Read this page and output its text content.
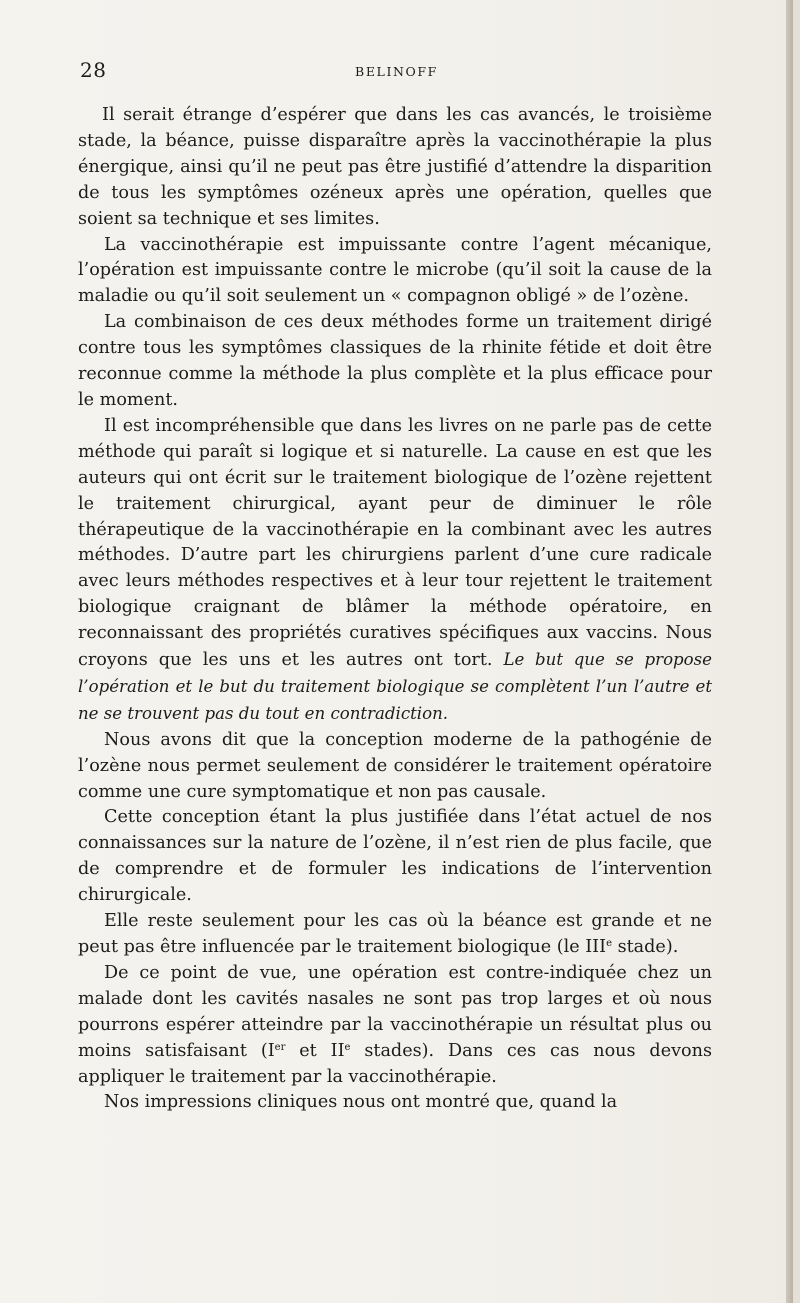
28	BELINOFF

Il serait étrange d’espérer que dans les cas avancés, le troisième stade, la béance, puisse disparaître après la vaccinothérapie la plus énergique, ainsi qu’il ne peut pas être justifié d’attendre la disparition de tous les symptômes ozéneux après une opération, quelles que soient sa technique et ses limites.

La vaccinothérapie est impuissante contre l’agent mécanique, l’opération est impuissante contre le microbe (qu’il soit la cause de la maladie ou qu’il soit seulement un « compagnon obligé » de l’ozène.

La combinaison de ces deux méthodes forme un traitement dirigé contre tous les symptômes classiques de la rhinite fétide et doit être reconnue comme la méthode la plus complète et la plus efficace pour le moment.

Il est incompréhensible que dans les livres on ne parle pas de cette méthode qui paraît si logique et si naturelle. La cause en est que les auteurs qui ont écrit sur le traitement biologique de l’ozène rejettent le traitement chirurgical, ayant peur de diminuer le rôle thérapeutique de la vaccinothérapie en la combinant avec les autres méthodes. D’autre part les chirurgiens parlent d’une cure radicale avec leurs méthodes respectives et à leur tour rejettent le traitement biologique craignant de blâmer la méthode opératoire, en reconnaissant des propriétés curatives spécifiques aux vaccins. Nous croyons que les uns et les autres ont tort. Le but que se propose l’opération et le but du traitement biologique se complètent l’un l’autre et ne se trouvent pas du tout en contradiction.

Nous avons dit que la conception moderne de la pathogénie de l’ozène nous permet seulement de considérer le traitement opératoire comme une cure symptomatique et non pas causale.

Cette conception étant la plus justifiée dans l’état actuel de nos connaissances sur la nature de l’ozène, il n’est rien de plus facile, que de comprendre et de formuler les indications de l’intervention chirurgicale.

Elle reste seulement pour les cas où la béance est grande et ne peut pas être influencée par le traitement biologique (le IIIe stade).

De ce point de vue, une opération est contre-indiquée chez un malade dont les cavités nasales ne sont pas trop larges et où nous pourrons espérer atteindre par la vaccinothérapie un résultat plus ou moins satisfaisant (Ier et IIe stades). Dans ces cas nous devons appliquer le traitement par la vaccinothérapie.

Nos impressions cliniques nous ont montré que, quand la
